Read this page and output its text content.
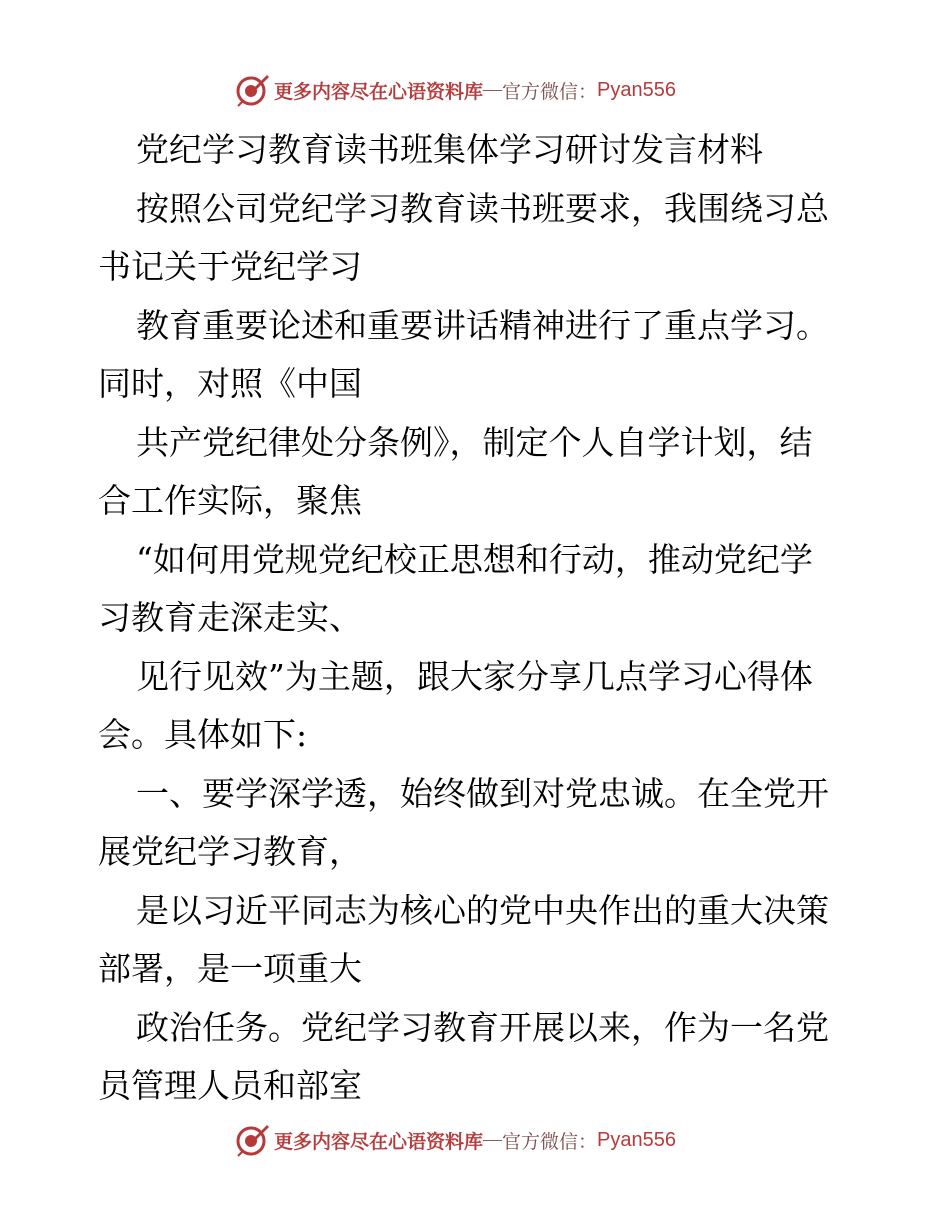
更多内容尽在心语资料库 — 官方微信： Pyan556
党纪学习教育读书班集体学习研讨发言材料
按照公司党纪学习教育读书班要求，我围绕习总
书记关于党纪学习
教育重要论述和重要讲话精神进行了重点学习。
同时，对照《中国
共产党纪律处分条例》，制定个人自学计划，结
合工作实际，聚焦
“如何用党规党纪校正思想和行动，推动党纪学
习教育走深走实、
见行见效”为主题，跟大家分享几点学习心得体
会。具体如下:
一、要学深学透，始终做到对党忠诚。在全党开
展党纪学习教育，
是以习近平同志为核心的党中央作出的重大决策
部署，是一项重大
政治任务。党纪学习教育开展以来，作为一名党
员管理人员和部室
更多内容尽在心语资料库 — 官方微信： Pyan556
